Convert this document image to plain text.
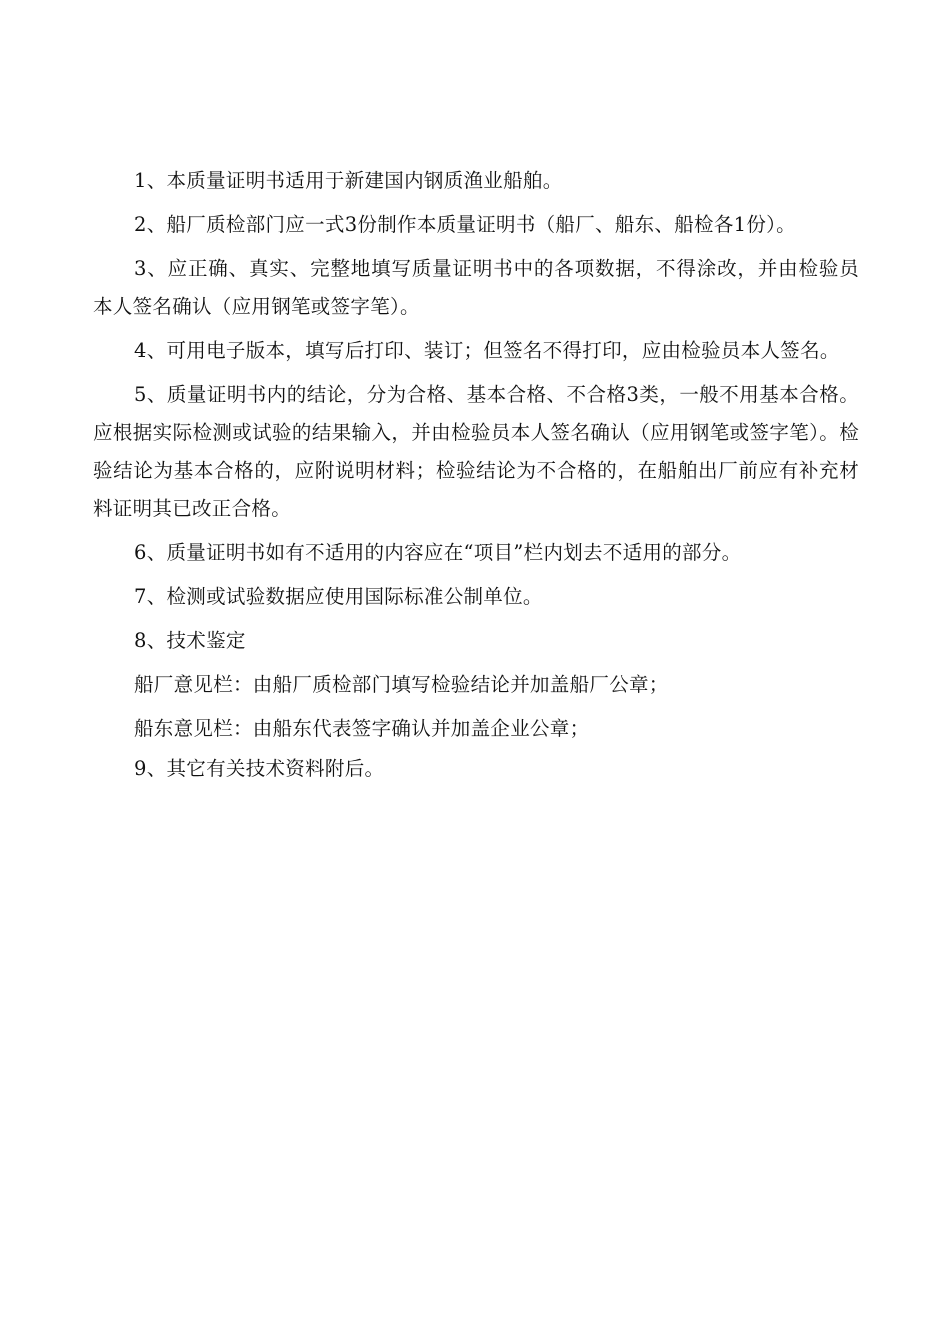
1、本质量证明书适用于新建国内钢质渔业船舶。

2、船厂质检部门应一式3份制作本质量证明书（船厂、船东、船检各1份）。

3、应正确、真实、完整地填写质量证明书中的各项数据，不得涂改，并由检验员本人签名确认（应用钢笔或签字笔）。

4、可用电子版本，填写后打印、装订；但签名不得打印，应由检验员本人签名。

5、质量证明书内的结论，分为合格、基本合格、不合格3类，一般不用基本合格。应根据实际检测或试验的结果输入，并由检验员本人签名确认（应用钢笔或签字笔）。检验结论为基本合格的，应附说明材料；检验结论为不合格的，在船舶出厂前应有补充材料证明其已改正合格。

6、质量证明书如有不适用的内容应在“项目”栏内划去不适用的部分。

7、检测或试验数据应使用国际标准公制单位。

8、技术鉴定

船厂意见栏：由船厂质检部门填写检验结论并加盖船厂公章；

船东意见栏：由船东代表签字确认并加盖企业公章；

9、其它有关技术资料附后。
